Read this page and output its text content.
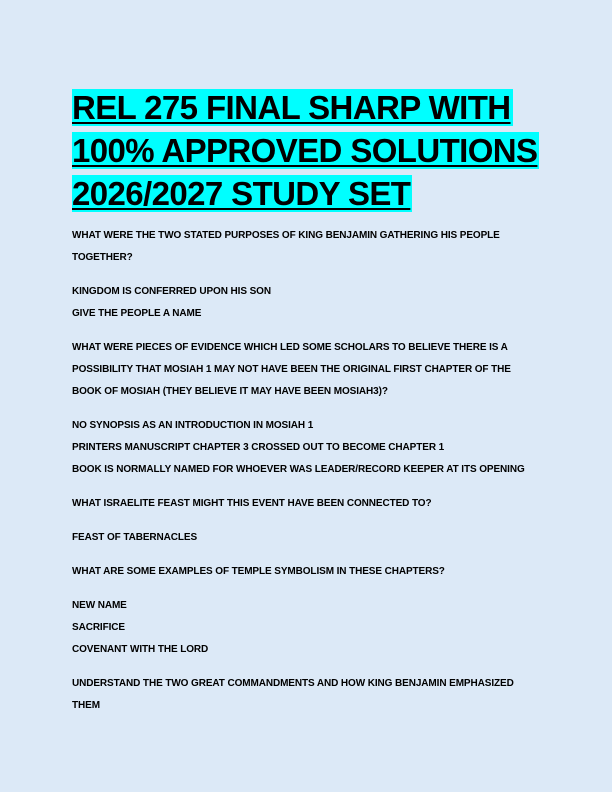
REL 275 FINAL SHARP WITH
100% APPROVED SOLUTIONS
2026/2027 STUDY SET
WHAT WERE THE TWO STATED PURPOSES OF KING BENJAMIN GATHERING HIS PEOPLE
TOGETHER?
KINGDOM IS CONFERRED UPON HIS SON
GIVE THE PEOPLE A NAME
WHAT WERE PIECES OF EVIDENCE WHICH LED SOME SCHOLARS TO BELIEVE THERE IS A
POSSIBILITY THAT MOSIAH 1 MAY NOT HAVE BEEN THE ORIGINAL FIRST CHAPTER OF THE
BOOK OF MOSIAH (THEY BELIEVE IT MAY HAVE BEEN MOSIAH3)?
NO SYNOPSIS AS AN INTRODUCTION IN MOSIAH 1
PRINTERS MANUSCRIPT CHAPTER 3 CROSSED OUT TO BECOME CHAPTER 1
BOOK IS NORMALLY NAMED FOR WHOEVER WAS LEADER/RECORD KEEPER AT ITS OPENING
WHAT ISRAELITE FEAST MIGHT THIS EVENT HAVE BEEN CONNECTED TO?
FEAST OF TABERNACLES
WHAT ARE SOME EXAMPLES OF TEMPLE SYMBOLISM IN THESE CHAPTERS?
NEW NAME
SACRIFICE
COVENANT WITH THE LORD
UNDERSTAND THE TWO GREAT COMMANDMENTS AND HOW KING BENJAMIN EMPHASIZED
THEM
